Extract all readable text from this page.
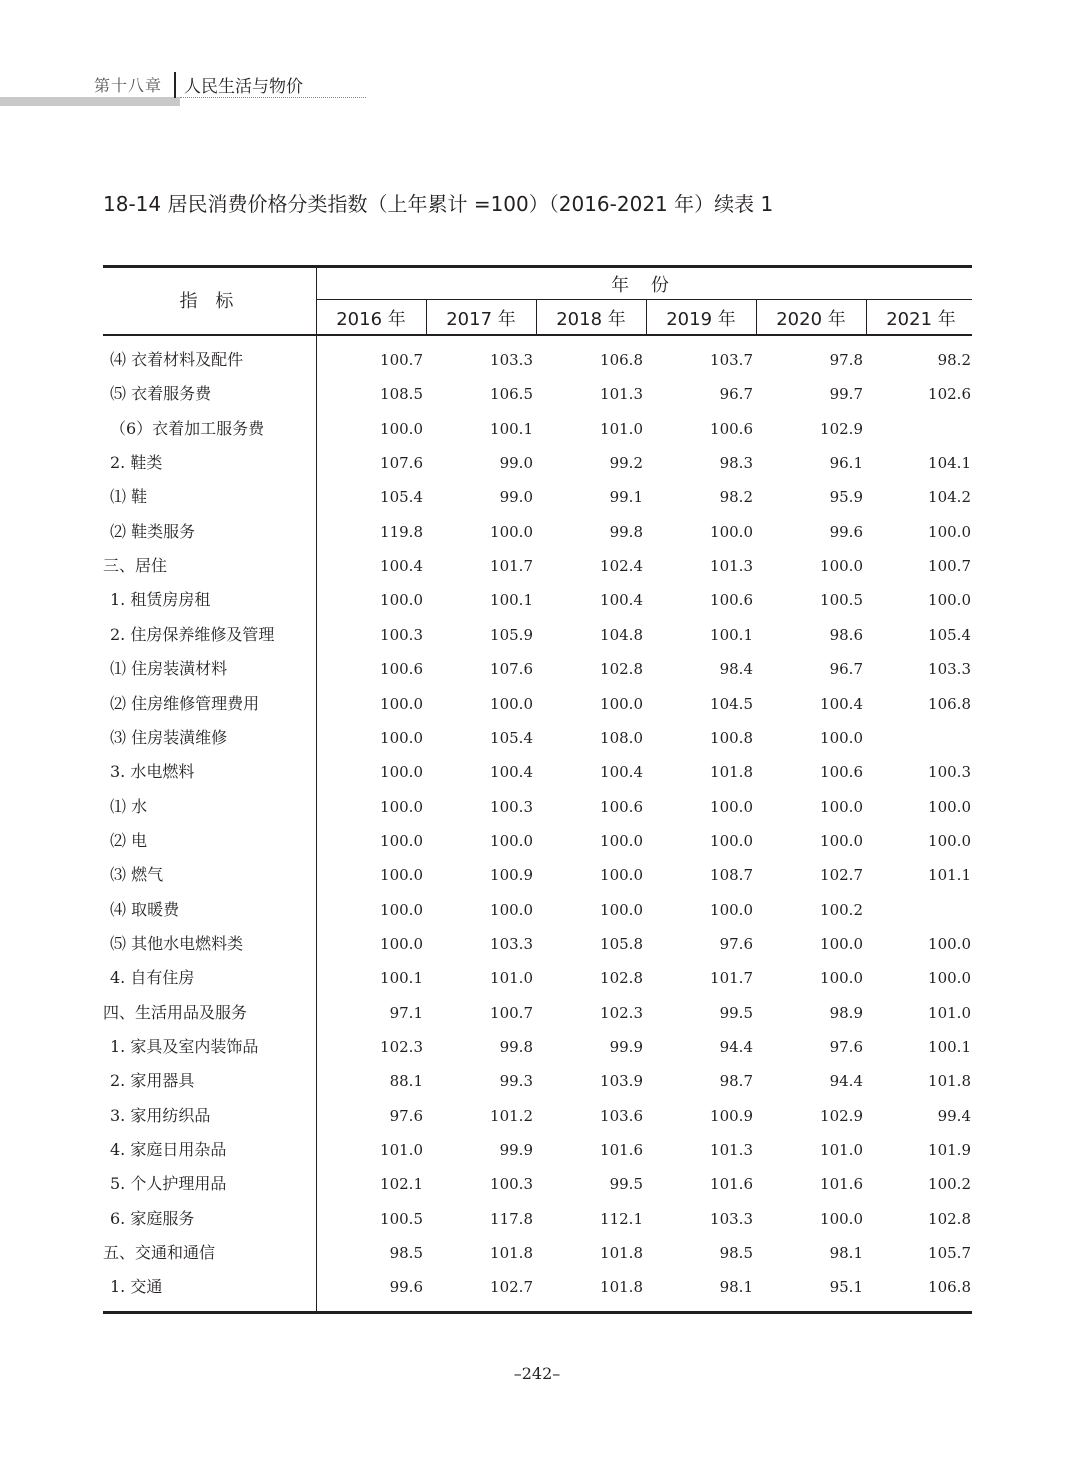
第十八章 人民生活与物价
18-14 居民消费价格分类指数（上年累计 =100）（2016-2021 年）续表 1
指 标
年 份
2016 年	2017 年	2018 年	2019 年	2020 年	2021 年
⑷ 衣着材料及配件	100.7	103.3	106.8	103.7	97.8	98.2
⑸ 衣着服务费	108.5	106.5	101.3	96.7	99.7	102.6
（6）衣着加工服务费	100.0	100.1	101.0	100.6	102.9
2. 鞋类	107.6	99.0	99.2	98.3	96.1	104.1
⑴ 鞋	105.4	99.0	99.1	98.2	95.9	104.2
⑵ 鞋类服务	119.8	100.0	99.8	100.0	99.6	100.0
三、居住	100.4	101.7	102.4	101.3	100.0	100.7
1. 租赁房房租	100.0	100.1	100.4	100.6	100.5	100.0
2. 住房保养维修及管理	100.3	105.9	104.8	100.1	98.6	105.4
⑴ 住房装潢材料	100.6	107.6	102.8	98.4	96.7	103.3
⑵ 住房维修管理费用	100.0	100.0	100.0	104.5	100.4	106.8
⑶ 住房装潢维修	100.0	105.4	108.0	100.8	100.0
3. 水电燃料	100.0	100.4	100.4	101.8	100.6	100.3
⑴ 水	100.0	100.3	100.6	100.0	100.0	100.0
⑵ 电	100.0	100.0	100.0	100.0	100.0	100.0
⑶ 燃气	100.0	100.9	100.0	108.7	102.7	101.1
⑷ 取暖费	100.0	100.0	100.0	100.0	100.2
⑸ 其他水电燃料类	100.0	103.3	105.8	97.6	100.0	100.0
4. 自有住房	100.1	101.0	102.8	101.7	100.0	100.0
四、生活用品及服务	97.1	100.7	102.3	99.5	98.9	101.0
1. 家具及室内装饰品	102.3	99.8	99.9	94.4	97.6	100.1
2. 家用器具	88.1	99.3	103.9	98.7	94.4	101.8
3. 家用纺织品	97.6	101.2	103.6	100.9	102.9	99.4
4. 家庭日用杂品	101.0	99.9	101.6	101.3	101.0	101.9
5. 个人护理用品	102.1	100.3	99.5	101.6	101.6	100.2
6. 家庭服务	100.5	117.8	112.1	103.3	100.0	102.8
五、交通和通信	98.5	101.8	101.8	98.5	98.1	105.7
1. 交通	99.6	102.7	101.8	98.1	95.1	106.8
–242–
